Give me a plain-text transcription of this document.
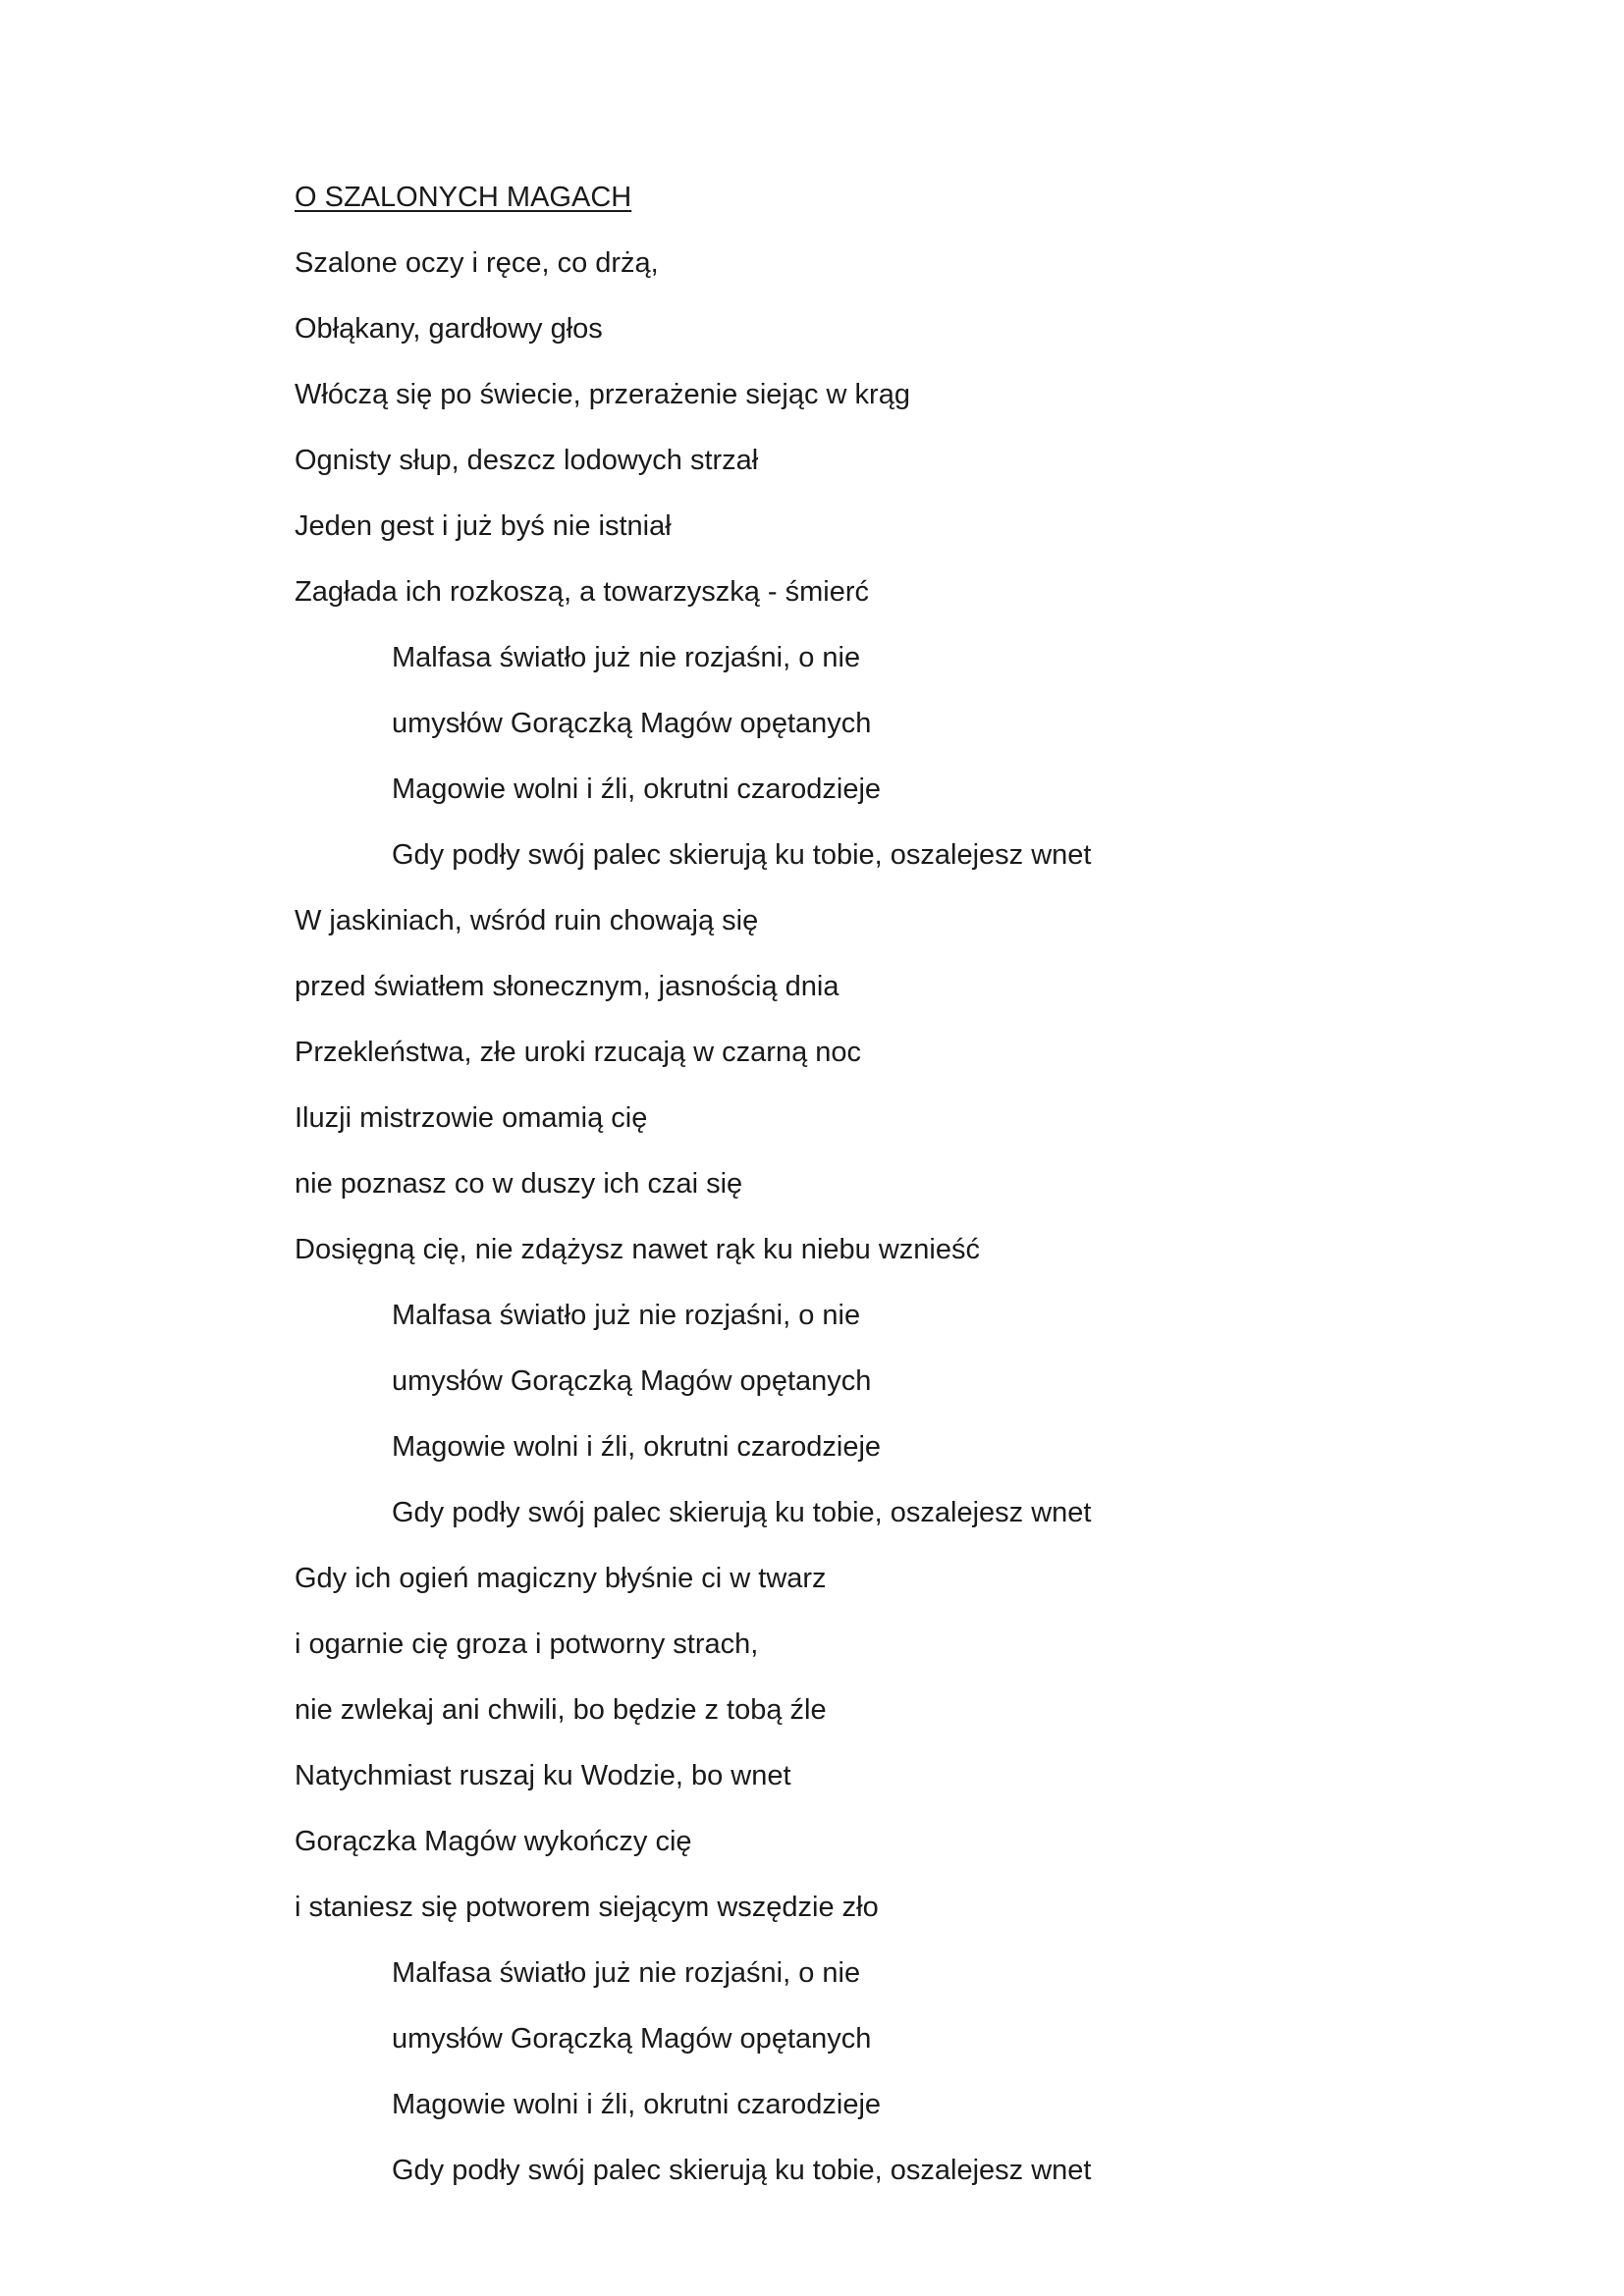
O SZALONYCH MAGACH

Szalone oczy i ręce, co drżą,

Obłąkany, gardłowy głos

Włóczą się po świecie, przerażenie siejąc w krąg

Ognisty słup, deszcz lodowych strzał

Jeden gest i już byś nie istniał

Zagłada ich rozkoszą, a towarzyszką - śmierć

Malfasa światło już nie rozjaśni, o nie

umysłów Gorączką Magów opętanych

Magowie wolni i źli, okrutni czarodzieje

Gdy podły swój palec skierują ku tobie, oszalejesz wnet

W jaskiniach, wśród ruin chowają się

przed światłem słonecznym, jasnością dnia

Przekleństwa, złe uroki rzucają w czarną noc

Iluzji mistrzowie omamią cię

nie poznasz co w duszy ich czai się

Dosięgną cię, nie zdążysz nawet rąk ku niebu wznieść

Malfasa światło już nie rozjaśni, o nie

umysłów Gorączką Magów opętanych

Magowie wolni i źli, okrutni czarodzieje

Gdy podły swój palec skierują ku tobie, oszalejesz wnet

Gdy ich ogień magiczny błyśnie ci w twarz

i ogarnie cię groza i potworny strach,

nie zwlekaj ani chwili, bo będzie z tobą źle

Natychmiast ruszaj ku Wodzie, bo wnet

Gorączka Magów wykończy cię

i staniesz się potworem siejącym wszędzie zło

Malfasa światło już nie rozjaśni, o nie

umysłów Gorączką Magów opętanych

Magowie wolni i źli, okrutni czarodzieje

Gdy podły swój palec skierują ku tobie, oszalejesz wnet
